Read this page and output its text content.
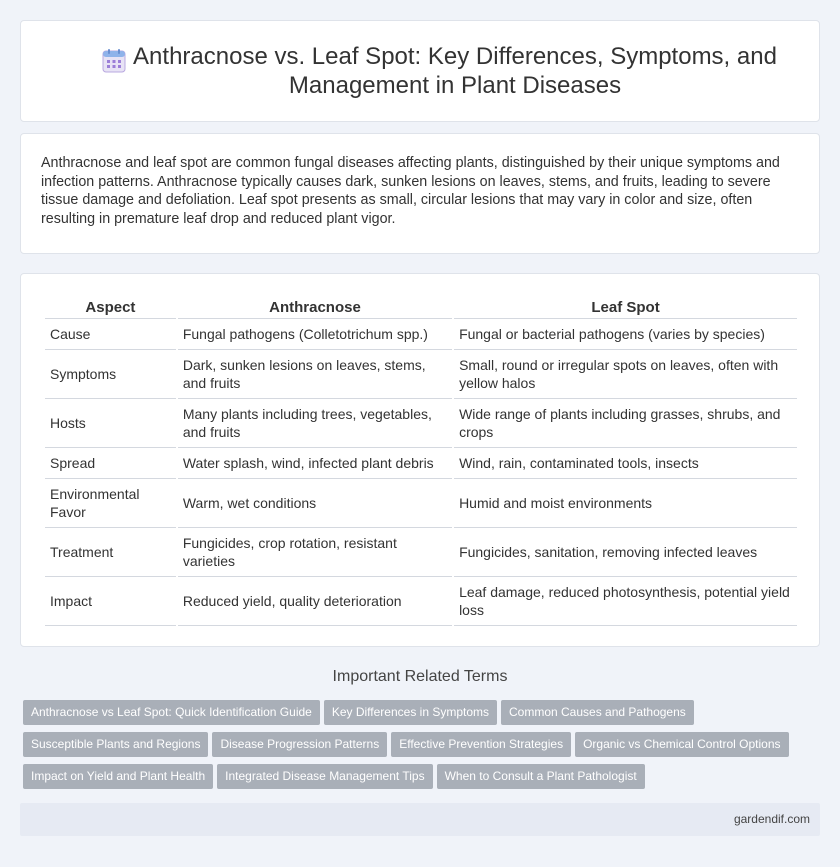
Anthracnose vs. Leaf Spot: Key Differences, Symptoms, and Management in Plant Diseases

Anthracnose and leaf spot are common fungal diseases affecting plants, distinguished by their unique symptoms and infection patterns. Anthracnose typically causes dark, sunken lesions on leaves, stems, and fruits, leading to severe tissue damage and defoliation. Leaf spot presents as small, circular lesions that may vary in color and size, often resulting in premature leaf drop and reduced plant vigor.

Aspect	Anthracnose	Leaf Spot
Cause	Fungal pathogens (Colletotrichum spp.)	Fungal or bacterial pathogens (varies by species)
Symptoms	Dark, sunken lesions on leaves, stems, and fruits	Small, round or irregular spots on leaves, often with yellow halos
Hosts	Many plants including trees, vegetables, and fruits	Wide range of plants including grasses, shrubs, and crops
Spread	Water splash, wind, infected plant debris	Wind, rain, contaminated tools, insects
Environmental Favor	Warm, wet conditions	Humid and moist environments
Treatment	Fungicides, crop rotation, resistant varieties	Fungicides, sanitation, removing infected leaves
Impact	Reduced yield, quality deterioration	Leaf damage, reduced photosynthesis, potential yield loss
Important Related Terms
Anthracnose vs Leaf Spot: Quick Identification Guide Key Differences in Symptoms Common Causes and Pathogens
Susceptible Plants and Regions Disease Progression Patterns Effective Prevention Strategies Organic vs Chemical Control Options
Impact on Yield and Plant Health Integrated Disease Management Tips When to Consult a Plant Pathologist
gardendif.com
